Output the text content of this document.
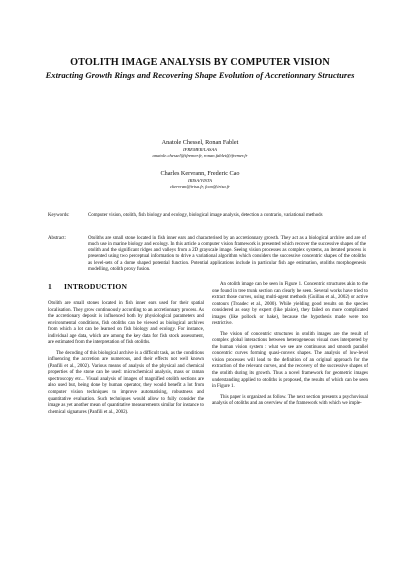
OTOLITH IMAGE ANALYSIS BY COMPUTER VISION
Extracting Growth Rings and Recovering Shape Evolution of Accretionnary Structures
Anatole Chessel, Ronan Fablet
IFREMER/LASAA
anatole.chessel@ifremer.fr, ronan.fablet@ifremer.fr
Charles Kervrann, Frederic Cao
IRISA/VISTA
ckervran@irisa.fr, fcao@irisa.fr
Keywords:	Computer vision, otolith, fish biology and ecology, biological image analysis, detection a contrario, variational methods
Abstract:	Otoliths are small stone located in fish inner ears and characterised by an accretionnary growth. They act as a biological archive and are of much use in marine biology and ecology. In this article a computer vision framework is presented which recover the successive shapes of the otolith and the significant ridges and valleys from a 2D grayscale image. Seeing vision processes as complex systems, an iterated process is presented using two perceptual information to drive a variational algorithm which considers the successive concentric shapes of the otoliths as level-sets of a dome shaped potential function. Potential applications include in particular fish age estimation, otoliths morphogenesis modelling, otolith proxy fusion.
1 INTRODUCTION

Otolith are small stones located in fish inner ears used for their spatial localisation. They grow continuously according to an accretionnary process. As the accretionary deposit is influenced both by physiological parameters and environmental conditions, fish otoliths can be viewed as biological archives from which a lot can be learned on fish biology and ecology. For instance, individual age data, which are among the key data for fish stock assessment, are estimated from the interpretation of fish otoliths.

The decoding of this biological archive is a difficult task, as the conditions influencing the accretion are numerous, and their effects not well known (Panfili et al., 2002). Various means of analysis of the physical and chemical properties of the stone can be used: microchemical analysis, mass or raman spectroscopy etc... Visual analysis of images of magnified otolith sections are also used but, being done by human operator, they would benefit a lot from computer vision techniques to improve automatising, robustness and quantitative evaluation. Such techniques would allow to fully consider the image as yet another mean of quantitative measurements similar for instance to chemical signatures (Panfili et al., 2002).

An otolith image can be seen in Figure 1. Concentric structures akin to the one found in tree trunk section can clearly be seen. Several works have tried to extract those curves, using multi-agent methods (Guillau et al., 2002) or active contours (Troadec et al., 2000). While yielding good results on the species considered as easy by expert (like plaice), they failed on more complicated images (like pollock or hake), because the hypothesis made were too restrictive.

The vision of concentric structures in otolith images are the result of complex global interactions between heterogeneous visual cues interpreted by the human vision system : what we see are continuous and smooth parallel concentric curves forming quasi-convex shapes. The analysis of low-level vision processes will lead to the definition of an original approach for the extraction of the relevant curves, and the recovery of the successive shapes of the otolith during its growth. Thus a novel framework for geometric images understanding applied to otoliths is proposed, the results of which can be seen in Figure 1.

This paper is organized as follow. The next section presents a psychovisual analysis of otoliths and an overview of the framework with which we imple-
